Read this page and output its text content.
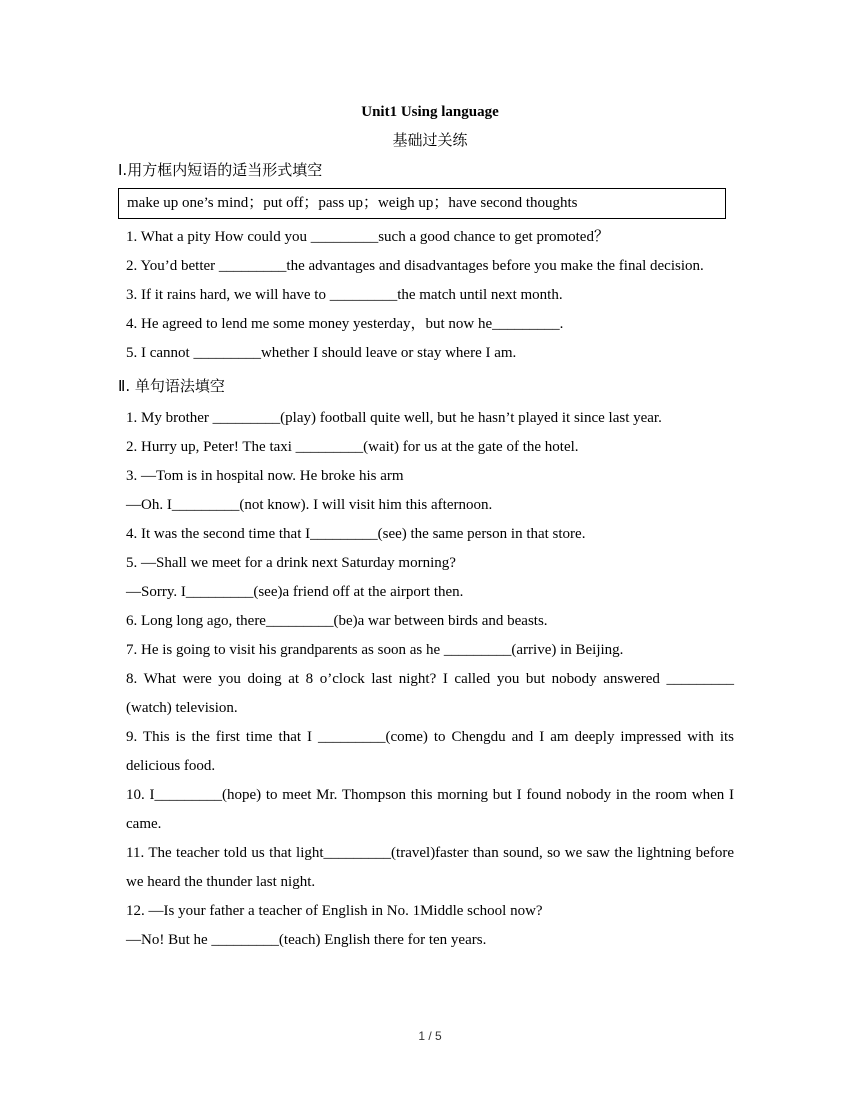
Unit1 Using language

基础过关练

Ⅰ.用方框内短语的适当形式填空

make up one’s mind；put off；pass up；weigh up；have second thoughts

1. What a pity How could you _________such a good chance to get promoted？

2. You’d better _________the advantages and disadvantages before you make the final decision.

3. If it rains hard, we will have to _________the match until next month.

4. He agreed to lend me some money yesterday，but now he_________.

5. I cannot _________whether I should leave or stay where I am.

Ⅱ. 单句语法填空

1. My brother _________(play) football quite well, but he hasn’t played it since last year.

2. Hurry up, Peter! The taxi _________(wait) for us at the gate of the hotel.

3. —Tom is in hospital now. He broke his arm

—Oh. I_________(not know). I will visit him this afternoon.

4. It was the second time that I_________(see) the same person in that store.

5. —Shall we meet for a drink next Saturday morning?

—Sorry. I_________(see)a friend off at the airport then.

6. Long long ago, there_________(be)a war between birds and beasts.

7. He is going to visit his grandparents as soon as he _________(arrive) in Beijing.

8. What were you doing at 8 o’clock last night? I called you but nobody answered _________ (watch) television.

9. This is the first time that I _________(come) to Chengdu and I am deeply impressed with its delicious food.

10. I_________(hope) to meet Mr. Thompson this morning but I found nobody in the room when I came.

11. The teacher told us that light_________(travel)faster than sound, so we saw the lightning before we heard the thunder last night.

12. —Is your father a teacher of English in No. 1Middle school now?

—No! But he _________(teach) English there for ten years.

1 / 5
